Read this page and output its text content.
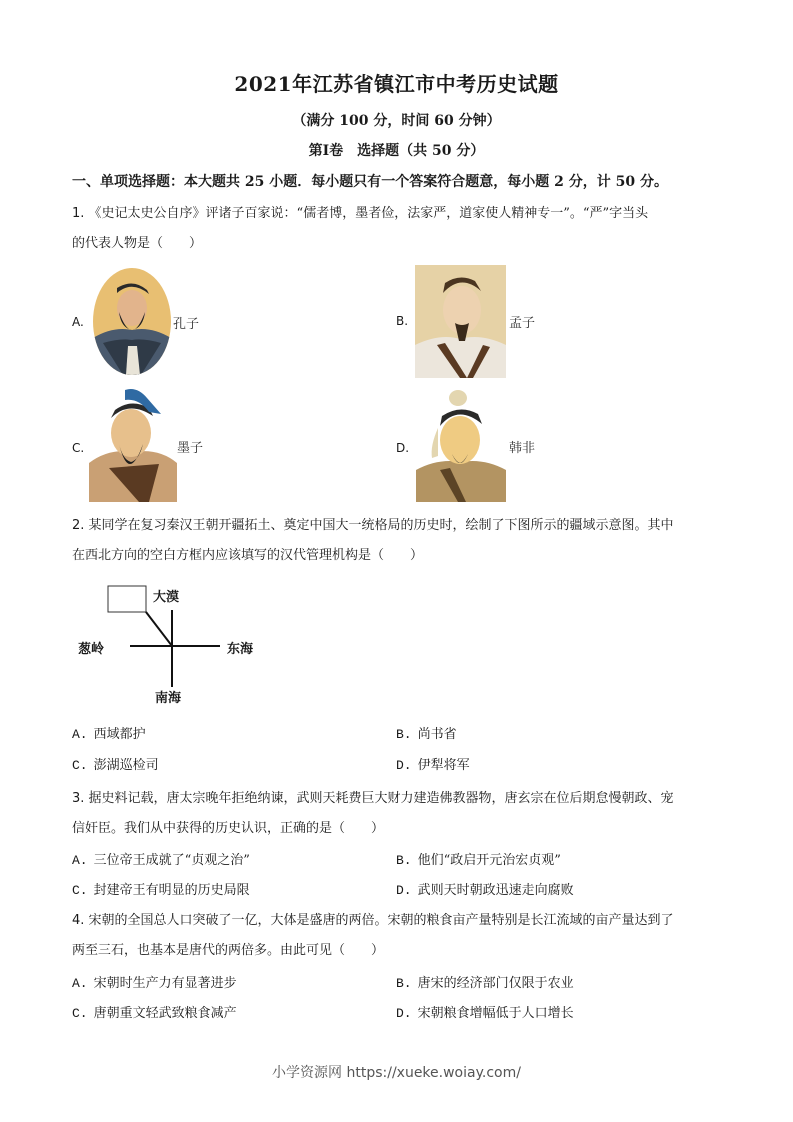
2021年江苏省镇江市中考历史试题
（满分 100 分，时间 60 分钟）
第Ⅰ卷　选择题（共 50 分）
一、单项选择题：本大题共 25 小题．每小题只有一个答案符合题意，每小题 2 分，计 50 分。
1. 《史记太史公自序》评诸子百家说：“儒者博，墨者俭，法家严，道家使人精神专一”。“严”字当头
的代表人物是（　　）
A.	孔子	B.	孟子
C.	墨子	D.	韩非
2. 某同学在复习秦汉王朝开疆拓土、奠定中国大一统格局的历史时，绘制了下图所示的疆域示意图。其中
在西北方向的空白方框内应该填写的汉代管理机构是（　　）
大漠
葱岭	东海
南海
A. 西域都护	B. 尚书省
C. 澎湖巡检司	D. 伊犁将军
3. 据史料记载，唐太宗晚年拒绝纳谏，武则天耗费巨大财力建造佛教器物，唐玄宗在位后期怠慢朝政、宠
信奸臣。我们从中获得的历史认识，正确的是（　　）
A. 三位帝王成就了“贞观之治”	B. 他们“政启开元治宏贞观”
C. 封建帝王有明显的历史局限	D. 武则天时朝政迅速走向腐败
4. 宋朝的全国总人口突破了一亿，大体是盛唐的两倍。宋朝的粮食亩产量特别是长江流域的亩产量达到了
两至三石，也基本是唐代的两倍多。由此可见（　　）
A. 宋朝时生产力有显著进步	B. 唐宋的经济部门仅限于农业
C. 唐朝重文轻武致粮食减产	D. 宋朝粮食增幅低于人口增长
小学资源网 https://xueke.woiay.com/
